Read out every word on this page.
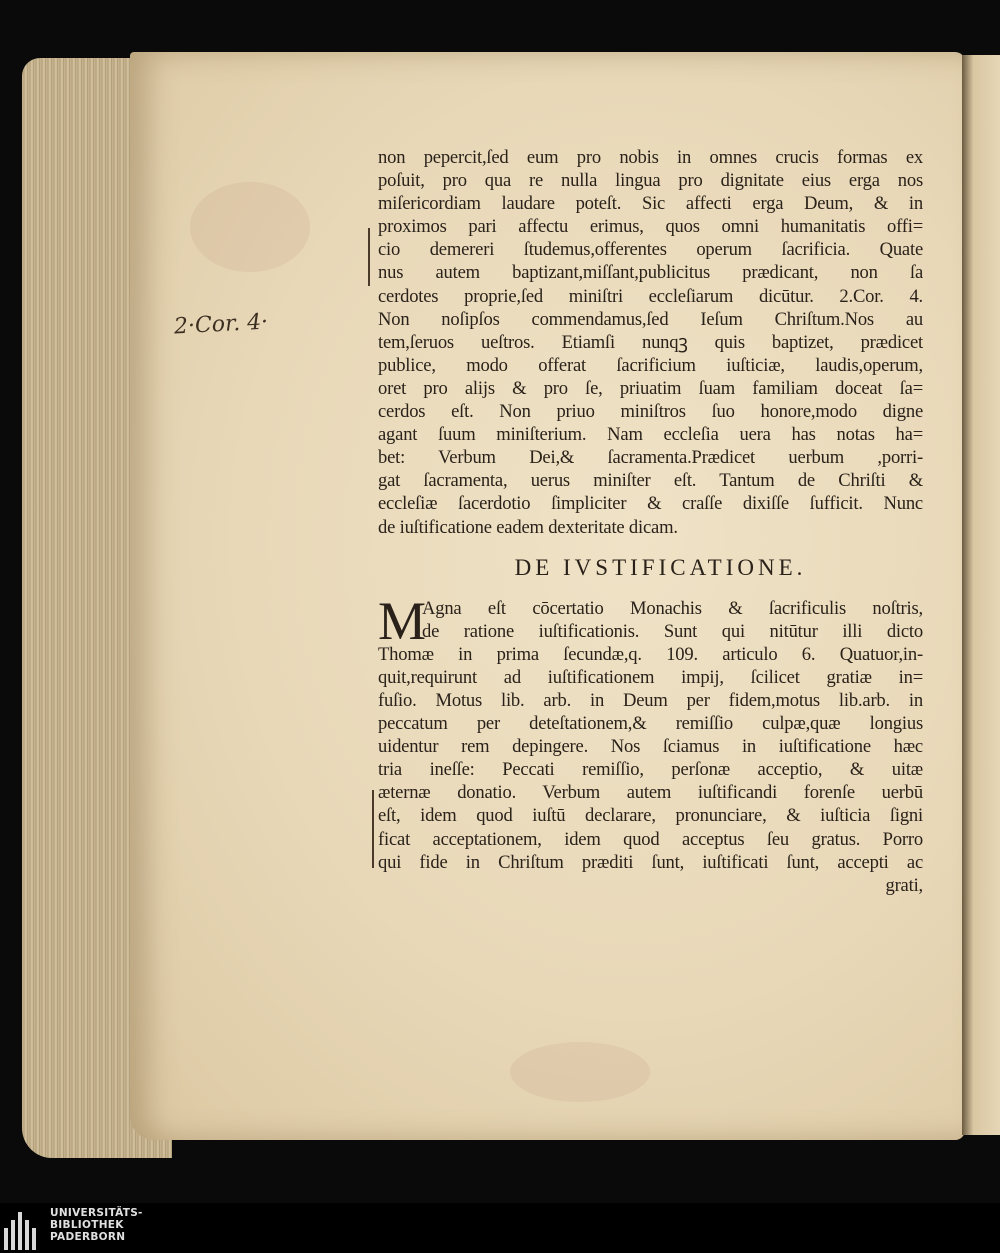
2·Cor. 4·
non pepercit,ſed eum pro nobis in omnes crucis formas ex
poſuit, pro qua re nulla lingua pro dignitate eius erga nos
miſericordiam laudare poteſt. Sic affecti erga Deum, & in
proximos pari affectu erimus, quos omni humanitatis offi=
cio demereri ſtudemus,offerentes operum ſacrificia. Quate
nus autem baptizant,miſſant,publicitus prædicant, non ſa
cerdotes proprie,ſed miniſtri eccleſiarum dicūtur. 2.Cor. 4.
Non noſipſos commendamus,ſed Ieſum Chriſtum.Nos au
tem,ſeruos ueſtros. Etiamſi nunqꝫ quis baptizet, prædicet
publice, modo offerat ſacrificium iuſticiæ, laudis,operum,
oret pro alijs & pro ſe, priuatim ſuam familiam doceat ſa=
cerdos eſt. Non priuo miniſtros ſuo honore,modo digne
agant ſuum miniſterium. Nam eccleſia uera has notas ha=
bet: Verbum Dei,& ſacramenta.Prædicet uerbum ,porri-
gat ſacramenta, uerus miniſter eſt. Tantum de Chriſti &
eccleſiæ ſacerdotio ſimpliciter & craſſe dixiſſe ſufficit. Nunc
de iuſtificatione eadem dexteritate dicam.
DE IVSTIFICATIONE.
M
Agna eſt cōcertatio Monachis & ſacrificulis noſtris,
de ratione iuſtificationis. Sunt qui nitūtur illi dicto
Thomæ in prima ſecundæ,q. 109. articulo 6. Quatuor,in-
quit,requirunt ad iuſtificationem impij, ſcilicet gratiæ in=
fuſio. Motus lib. arb. in Deum per fidem,motus lib.arb. in
peccatum per deteſtationem,& remiſſio culpæ,quæ longius
uidentur rem depingere. Nos ſciamus in iuſtificatione hæc
tria ineſſe: Peccati remiſſio, perſonæ acceptio, & uitæ
æternæ donatio. Verbum autem iuſtificandi forenſe uerbū
eſt, idem quod iuſtū declarare, pronunciare, & iuſticia ſigni
ficat acceptationem, idem quod acceptus ſeu gratus. Porro
qui fide in Chriſtum præditi ſunt, iuſtificati ſunt, accepti ac
grati,
UNIVERSITÄTS-
BIBLIOTHEK
PADERBORN
